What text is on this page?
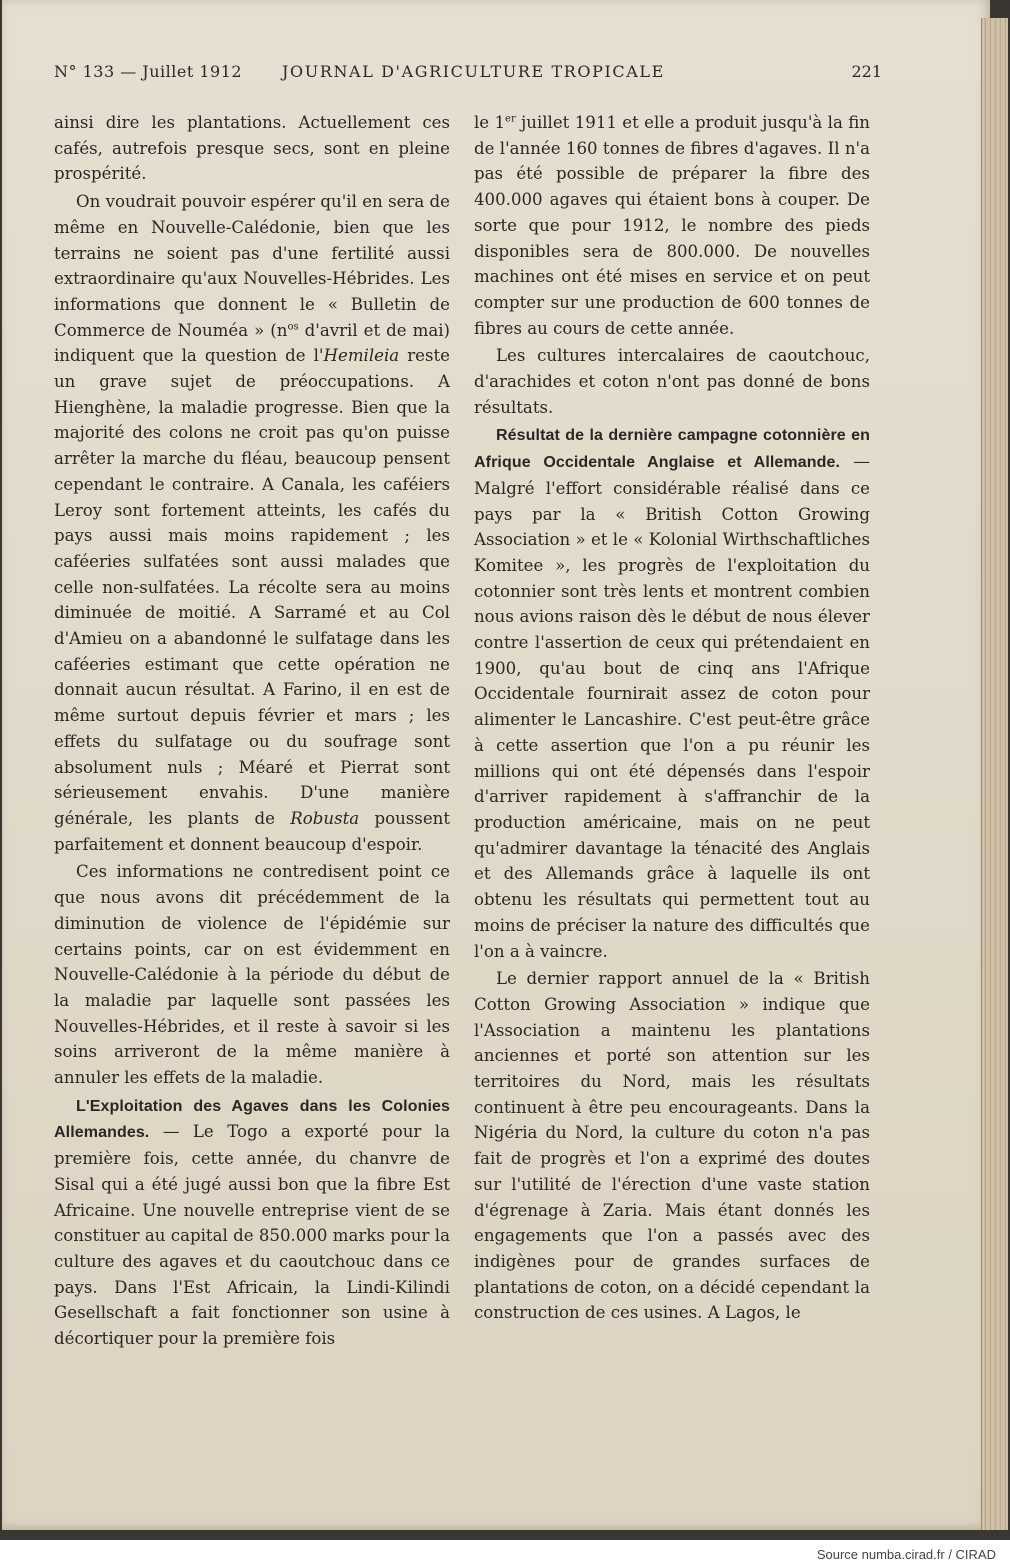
N° 133 — Juillet 1912 JOURNAL D'AGRICULTURE TROPICALE	221

ainsi dire les plantations. Actuellement ces cafés, autrefois presque secs, sont en pleine prospérité.

On voudrait pouvoir espérer qu'il en sera de même en Nouvelle-Calédonie, bien que les terrains ne soient pas d'une fertilité aussi extraordinaire qu'aux Nouvelles-Hébrides. Les informations que donnent le « Bulletin de Commerce de Nouméa » ($n^{os}$ d'avril et de mai) indiquent que la question de l'Hemileia reste un grave sujet de préoccupations. A Hienghène, la maladie progresse. Bien que la majorité des colons ne croit pas qu'on puisse arrêter la marche du fléau, beaucoup pensent cependant le contraire. A Canala, les caféiers Leroy sont fortement atteints, les cafés du pays aussi mais moins rapidement ; les caféeries sulfatées sont aussi malades que celle non-sulfatées. La récolte sera au moins diminuée de moitié. A Sarramé et au Col d'Amieu on a abandonné le sulfatage dans les caféeries estimant que cette opération ne donnait aucun résultat. A Farino, il en est de même surtout depuis février et mars ; les effets du sulfatage ou du soufrage sont absolument nuls ; Méaré et Pierrat sont sérieusement envahis. D'une manière générale, les plants de Robusta poussent parfaitement et donnent beaucoup d'espoir.

Ces informations ne contredisent point ce que nous avons dit précédemment de la diminution de violence de l'épidémie sur certains points, car on est évidemment en Nouvelle-Calédonie à la période du début de la maladie par laquelle sont passées les Nouvelles-Hébrides, et il reste à savoir si les soins arriveront de la même manière à annuler les effets de la maladie.

L'Exploitation des Agaves dans les Colonies Allemandes. — Le Togo a exporté pour la première fois, cette année, du chanvre de Sisal qui a été jugé aussi bon que la fibre Est Africaine. Une nouvelle entreprise vient de se constituer au capital de 850.000 marks pour la culture des agaves et du caoutchouc dans ce pays. Dans l'Est Africain, la Lindi-Kilindi Gesellschaft a fait fonctionner son usine à décortiquer pour la première fois

le 1er juillet 1911 et elle a produit jusqu'à la fin de l'année 160 tonnes de fibres d'agaves. Il n'a pas été possible de préparer la fibre des 400.000 agaves qui étaient bons à couper. De sorte que pour 1912, le nombre des pieds disponibles sera de 800.000. De nouvelles machines ont été mises en service et on peut compter sur une production de 600 tonnes de fibres au cours de cette année.

Les cultures intercalaires de caoutchouc, d'arachides et coton n'ont pas donné de bons résultats.

Résultat de la dernière campagne cotonnière en Afrique Occidentale Anglaise et Allemande. — Malgré l'effort considérable réalisé dans ce pays par la « British Cotton Growing Association » et le « Kolonial Wirthschaftliches Komitee », les progrès de l'exploitation du cotonnier sont très lents et montrent combien nous avions raison dès le début de nous élever contre l'assertion de ceux qui prétendaient en 1900, qu'au bout de cinq ans l'Afrique Occidentale fournirait assez de coton pour alimenter le Lancashire. C'est peut-être grâce à cette assertion que l'on a pu réunir les millions qui ont été dépensés dans l'espoir d'arriver rapidement à s'affranchir de la production américaine, mais on ne peut qu'admirer davantage la ténacité des Anglais et des Allemands grâce à laquelle ils ont obtenu les résultats qui permettent tout au moins de préciser la nature des difficultés que l'on a à vaincre.

Le dernier rapport annuel de la « British Cotton Growing Association » indique que l'Association a maintenu les plantations anciennes et porté son attention sur les territoires du Nord, mais les résultats continuent à être peu encourageants. Dans la Nigéria du Nord, la culture du coton n'a pas fait de progrès et l'on a exprimé des doutes sur l'utilité de l'érection d'une vaste station d'égrenage à Zaria. Mais étant donnés les engagements que l'on a passés avec des indigènes pour de grandes surfaces de plantations de coton, on a décidé cependant la construction de ces usines. A Lagos, le

Source numba.cirad.fr / CIRAD
